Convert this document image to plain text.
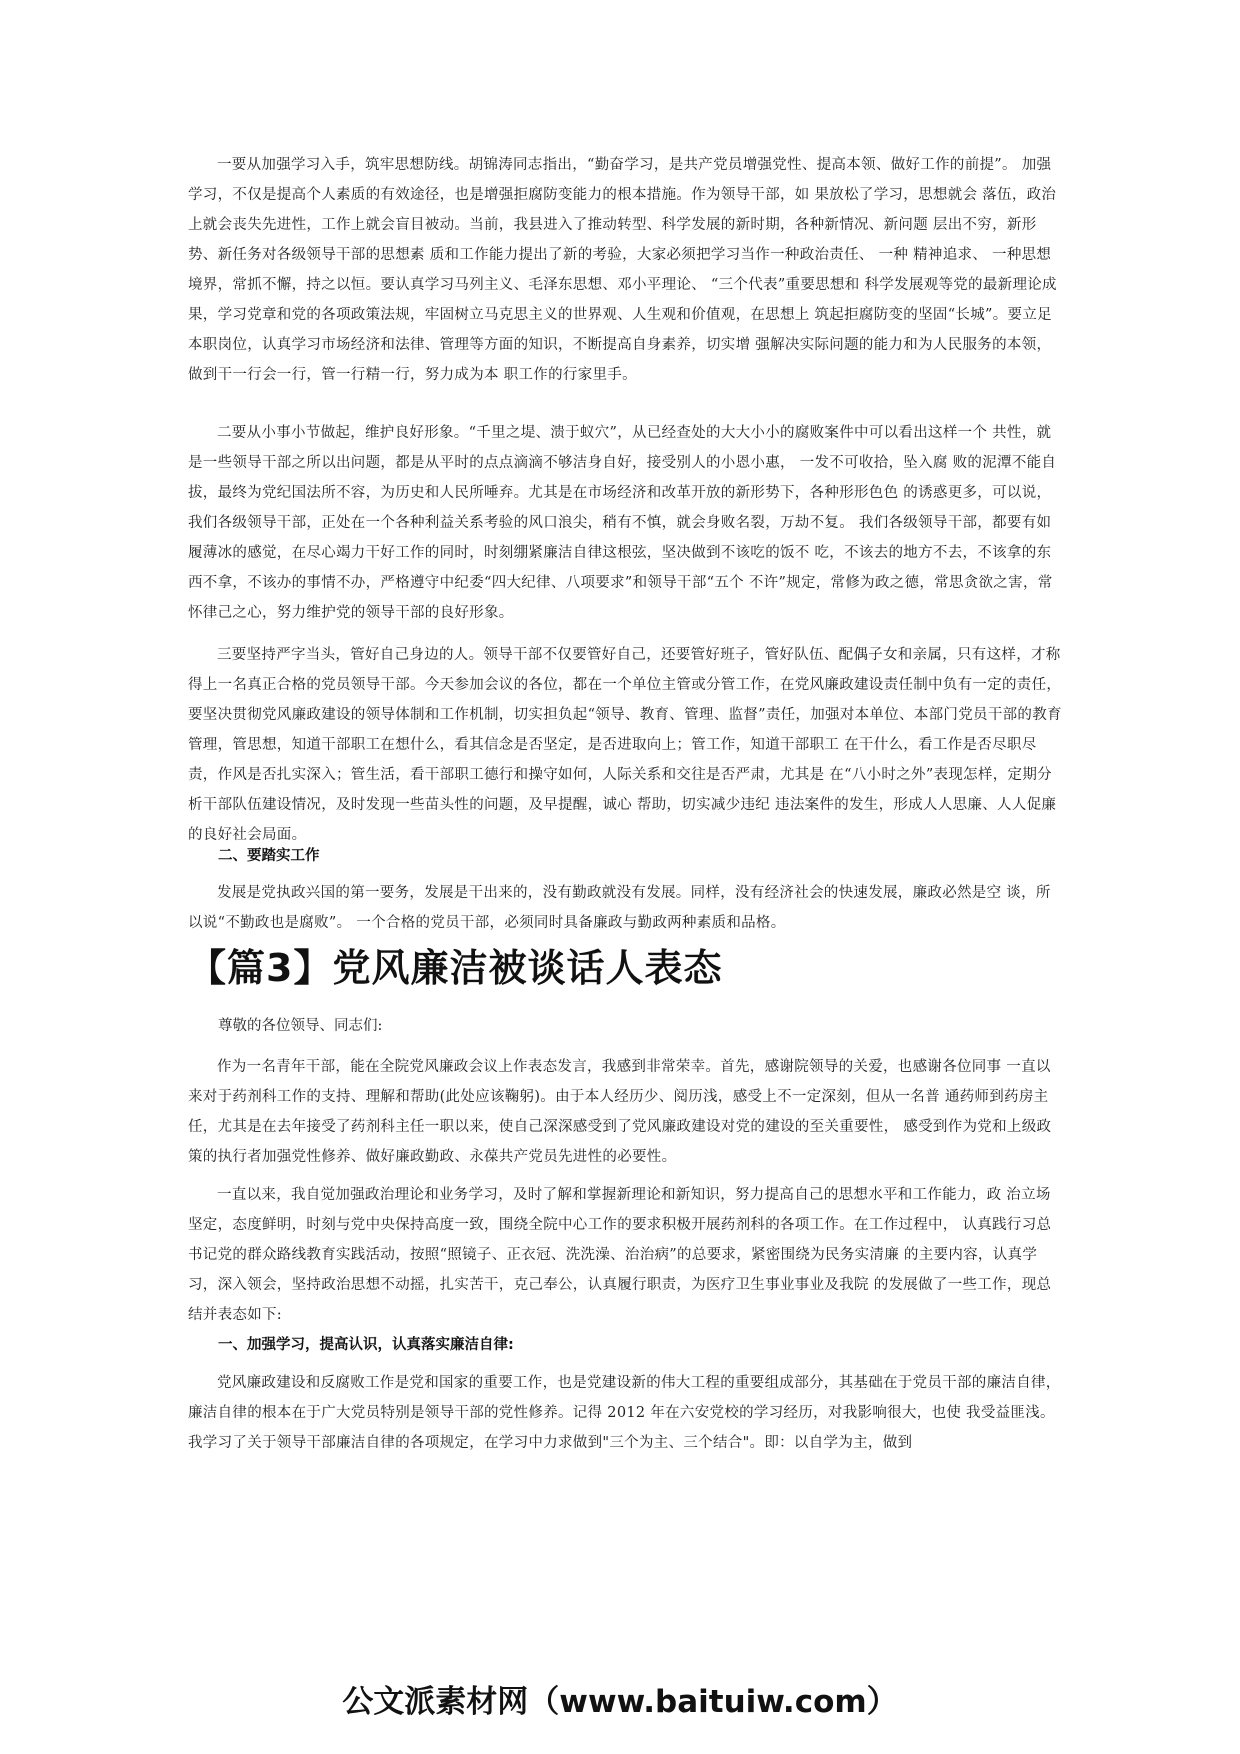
一要从加强学习入手，筑牢思想防线。胡锦涛同志指出，“勤奋学习，是共产党员增强党性、提高本领、做好工作的前提”。 加强学习，不仅是提高个人素质的有效途径，也是增强拒腐防变能力的根本措施。作为领导干部，如 果放松了学习，思想就会 落伍，政治上就会丧失先进性，工作上就会盲目被动。当前，我县进入了推动转型、科学发展的新时期，各种新情况、新问题 层出不穷，新形势、新任务对各级领导干部的思想素 质和工作能力提出了新的考验，大家必须把学习当作一种政治责任、 一种 精神追求、 一种思想境界，常抓不懈，持之以恒。要认真学习马列主义、毛泽东思想、邓小平理论、 “三个代表”重要思想和 科学发展观等党的最新理论成果，学习党章和党的各项政策法规，牢固树立马克思主义的世界观、人生观和价值观，在思想上 筑起拒腐防变的坚固“长城”。要立足本职岗位，认真学习市场经济和法律、管理等方面的知识，不断提高自身素养，切实增 强解决实际问题的能力和为人民服务的本领，做到干一行会一行，管一行精一行，努力成为本 职工作的行家里手。

二要从小事小节做起，维护良好形象。“千里之堤、溃于蚁穴”，从已经查处的大大小小的腐败案件中可以看出这样一个 共性，就是一些领导干部之所以出问题，都是从平时的点点滴滴不够洁身自好，接受别人的小恩小惠， 一发不可收拾，坠入腐 败的泥潭不能自拔，最终为党纪国法所不容，为历史和人民所唾弃。尤其是在市场经济和改革开放的新形势下，各种形形色色 的诱惑更多，可以说，我们各级领导干部，正处在一个各种利益关系考验的风口浪尖，稍有不慎，就会身败名裂，万劫不复。 我们各级领导干部，都要有如履薄冰的感觉，在尽心竭力干好工作的同时，时刻绷紧廉洁自律这根弦，坚决做到不该吃的饭不 吃，不该去的地方不去，不该拿的东西不拿，不该办的事情不办，严格遵守中纪委“四大纪律、八项要求”和领导干部“五个 不许”规定，常修为政之德，常思贪欲之害，常怀律己之心，努力维护党的领导干部的良好形象。

三要坚持严字当头，管好自己身边的人。领导干部不仅要管好自己，还要管好班子，管好队伍、配偶子女和亲属，只有这样，才称得上一名真正合格的党员领导干部。今天参加会议的各位，都在一个单位主管或分管工作，在党风廉政建设责任制中负有一定的责任，要坚决贯彻党风廉政建设的领导体制和工作机制，切实担负起“领导、教育、管理、监督”责任，加强对本单位、本部门党员干部的教育管理，管思想，知道干部职工在想什么，看其信念是否坚定，是否进取向上；管工作，知道干部职工 在干什么，看工作是否尽职尽责，作风是否扎实深入；管生活，看干部职工德行和操守如何，人际关系和交往是否严肃，尤其是 在“八小时之外”表现怎样，定期分析干部队伍建设情况，及时发现一些苗头性的问题，及早提醒，诚心 帮助，切实减少违纪 违法案件的发生，形成人人思廉、人人促廉的良好社会局面。

二、要踏实工作

发展是党执政兴国的第一要务，发展是干出来的，没有勤政就没有发展。同样，没有经济社会的快速发展，廉政必然是空 谈，所以说“不勤政也是腐败”。 一个合格的党员干部，必须同时具备廉政与勤政两种素质和品格。

【篇3】党风廉洁被谈话人表态

尊敬的各位领导、同志们:

作为一名青年干部，能在全院党风廉政会议上作表态发言，我感到非常荣幸。首先，感谢院领导的关爱，也感谢各位同事 一直以来对于药剂科工作的支持、理解和帮助(此处应该鞠躬)。由于本人经历少、阅历浅，感受上不一定深刻，但从一名普 通药师到药房主任，尤其是在去年接受了药剂科主任一职以来，使自己深深感受到了党风廉政建设对党的建设的至关重要性， 感受到作为党和上级政策的执行者加强党性修养、做好廉政勤政、永葆共产党员先进性的必要性。

一直以来，我自觉加强政治理论和业务学习，及时了解和掌握新理论和新知识，努力提高自己的思想水平和工作能力，政 治立场坚定，态度鲜明，时刻与党中央保持高度一致，围绕全院中心工作的要求积极开展药剂科的各项工作。在工作过程中， 认真践行习总书记党的群众路线教育实践活动，按照“照镜子、正衣冠、洗洗澡、治治病”的总要求，紧密围绕为民务实清廉 的主要内容，认真学习，深入领会，坚持政治思想不动摇，扎实苦干，克己奉公，认真履行职责，为医疗卫生事业事业及我院 的发展做了一些工作，现总结并表态如下:

一、加强学习，提高认识，认真落实廉洁自律:

党风廉政建设和反腐败工作是党和国家的重要工作，也是党建设新的伟大工程的重要组成部分，其基础在于党员干部的廉洁自律，廉洁自律的根本在于广大党员特别是领导干部的党性修养。记得 2012 年在六安党校的学习经历，对我影响很大，也使 我受益匪浅。我学习了关于领导干部廉洁自律的各项规定，在学习中力求做到"三个为主、三个结合"。即：以自学为主，做到

公文派素材网（www.baituiw.com）
